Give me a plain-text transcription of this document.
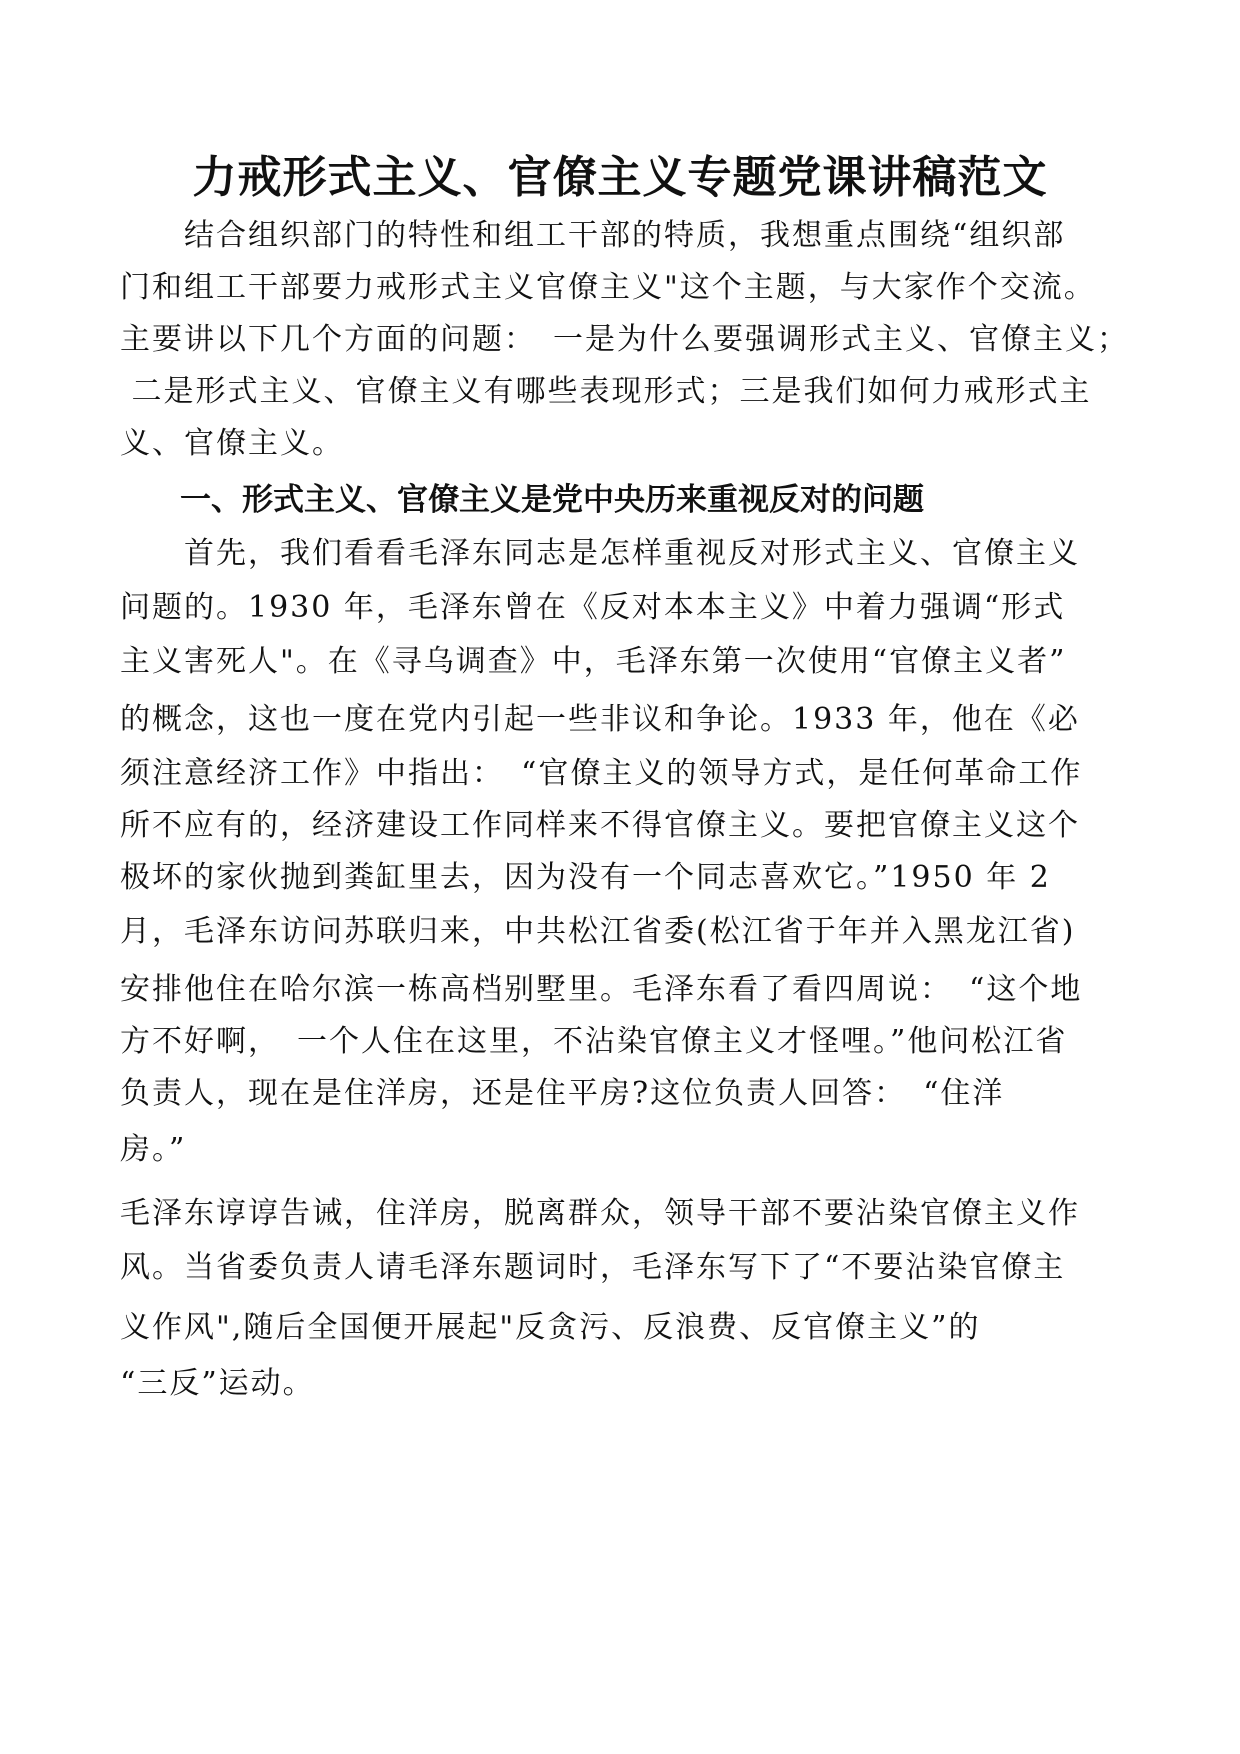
力戒形式主义、官僚主义专题党课讲稿范文

　　结合组织部门的特性和组工干部的特质，我想重点围绕“组织部

门和组工干部要力戒形式主义官僚主义"这个主题，与大家作个交流。

主要讲以下几个方面的问题：　一是为什么要强调形式主义、官僚主义；

二是形式主义、官僚主义有哪些表现形式；三是我们如何力戒形式主

义、官僚主义。

一、形式主义、官僚主义是党中央历来重视反对的问题

　　首先，我们看看毛泽东同志是怎样重视反对形式主义、官僚主义

问题的。1930 年，毛泽东曾在《反对本本主义》中着力强调“形式

主义害死人"。在《寻乌调查》中，毛泽东第一次使用“官僚主义者”

的概念，这也一度在党内引起一些非议和争论。1933 年，他在《必

须注意经济工作》中指出：　“官僚主义的领导方式，是任何革命工作

所不应有的，经济建设工作同样来不得官僚主义。要把官僚主义这个

极坏的家伙抛到粪缸里去，因为没有一个同志喜欢它。”1950 年 2

月，毛泽东访问苏联归来，中共松江省委(松江省于年并入黑龙江省)

安排他住在哈尔滨一栋高档别墅里。毛泽东看了看四周说：　“这个地

方不好啊，　一个人住在这里，不沾染官僚主义才怪哩。”他问松江省

负责人，现在是住洋房，还是住平房?这位负责人回答：　“住洋

房。”

毛泽东谆谆告诫，住洋房，脱离群众，领导干部不要沾染官僚主义作

风。当省委负责人请毛泽东题词时，毛泽东写下了“不要沾染官僚主

义作风",随后全国便开展起"反贪污、反浪费、反官僚主义”的

“三反”运动。
